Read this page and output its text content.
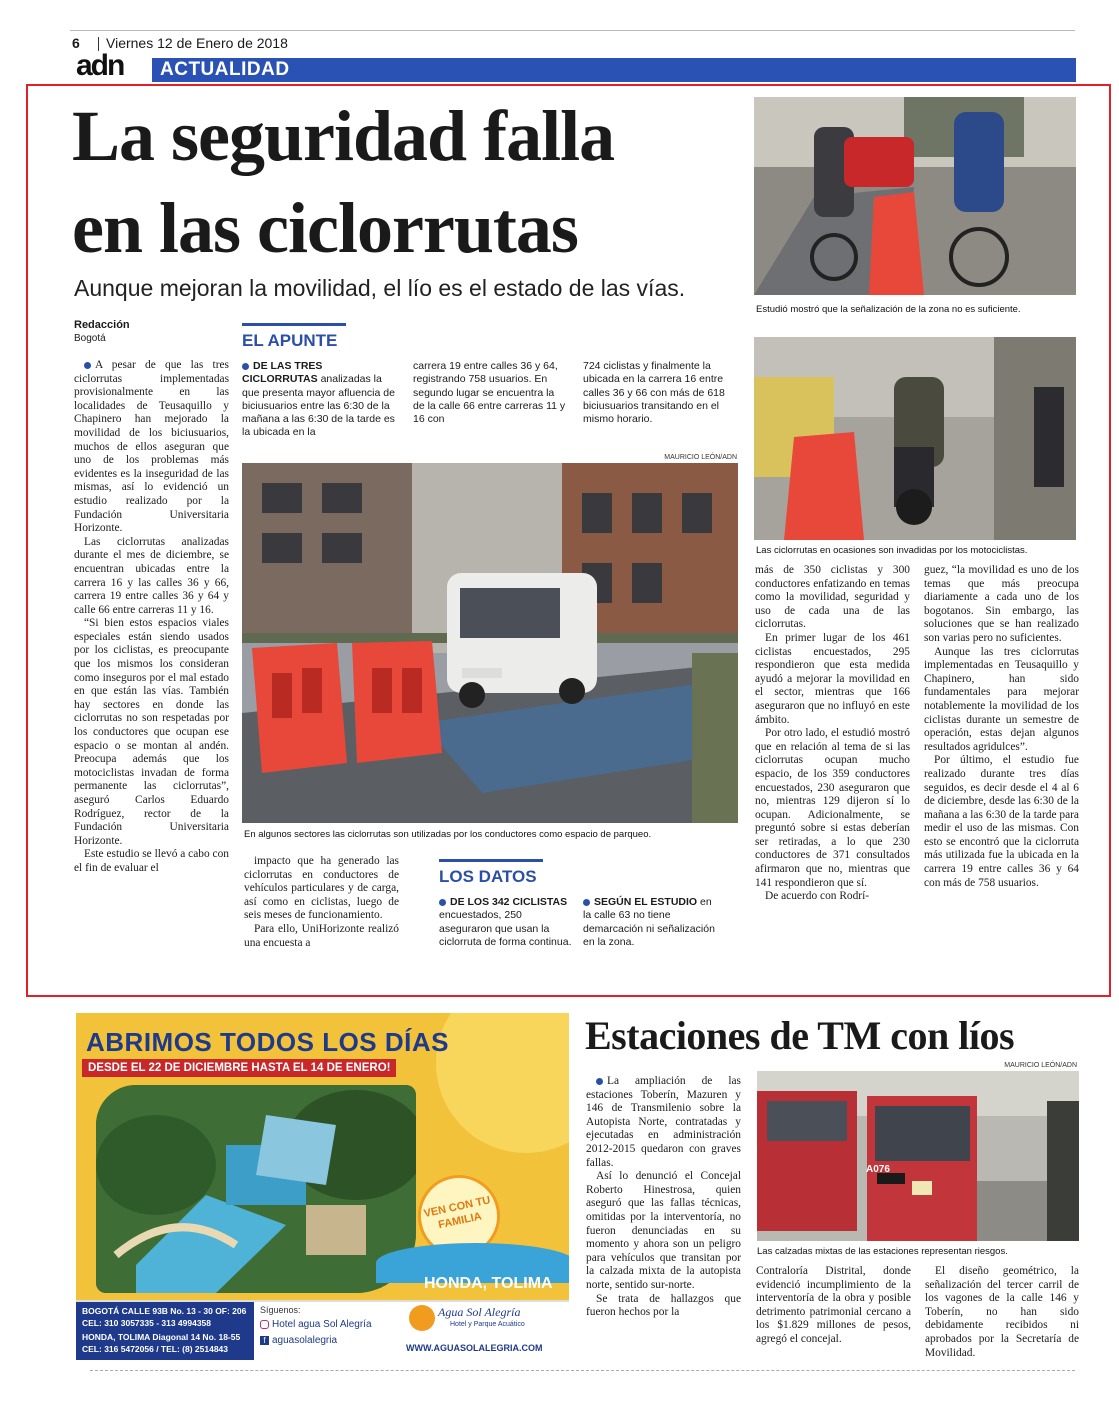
6 Viernes 12 de Enero de 2018
adn ACTUALIDAD
La seguridad falla
en las ciclorrutas
Aunque mejoran la movilidad, el lío es el estado de las vías.
Redacción
Bogotá

A pesar de que las tres ciclorrutas implementadas provisionalmente en las localidades de Teusaquillo y Chapinero han mejorado la movilidad de los biciusuarios, muchos de ellos aseguran que uno de los problemas más evidentes es la inseguridad de las mismas, así lo evidenció un estudio realizado por la Fundación Universitaria Horizonte.

Las ciclorrutas analizadas durante el mes de diciembre, se encuentran ubicadas entre la carrera 16 y las calles 36 y 66, carrera 19 entre calles 36 y 64 y calle 66 entre carreras 11 y 16.

“Si bien estos espacios viales especiales están siendo usados por los ciclistas, es preocupante que los mismos los consideran como inseguros por el mal estado en que están las vías. También hay sectores en donde las ciclorrutas no son respetadas por los conductores que ocupan ese espacio o se montan al andén. Preocupa además que los motociclistas invadan de forma permanente las ciclorrutas”, aseguró Carlos Eduardo Rodríguez, rector de la Fundación Universitaria Horizonte.

Este estudio se llevó a cabo con el fin de evaluar el

EL APUNTE
DE LAS TRES CICLORRUTAS analizadas la que presenta mayor afluencia de biciusuarios entre las 6:30 de la mañana a las 6:30 de la tarde es la ubicada en la
carrera 19 entre calles 36 y 64, registrando 758 usuarios. En segundo lugar se encuentra la de la calle 66 entre carreras 11 y 16 con
724 ciclistas y finalmente la ubicada en la carrera 16 entre calles 36 y 66 con más de 618 biciusuarios transitando en el mismo horario.
MAURICIO LEÓN/ADN
En algunos sectores las ciclorrutas son utilizadas por los conductores como espacio de parqueo.

impacto que ha generado las ciclorrutas en conductores de vehículos particulares y de carga, así como en ciclistas, luego de seis meses de funcionamiento.

Para ello, UniHorizonte realizó una encuesta a

LOS DATOS
DE LOS 342 CICLISTAS encuestados, 250 aseguraron que usan la ciclorruta de forma continua.
SEGÚN EL ESTUDIO en la calle 63 no tiene demarcación ni señalización en la zona.
Estudió mostró que la señalización de la zona no es suficiente.
Las ciclorrutas en ocasiones son invadidas por los motociclistas.

más de 350 ciclistas y 300 conductores enfatizando en temas como la movilidad, seguridad y uso de cada una de las ciclorrutas.

En primer lugar de los 461 ciclistas encuestados, 295 respondieron que esta medida ayudó a mejorar la movilidad en el sector, mientras que 166 aseguraron que no influyó en este ámbito.

Por otro lado, el estudió mostró que en relación al tema de si las ciclorrutas ocupan mucho espacio, de los 359 conductores encuestados, 230 aseguraron que no, mientras 129 dijeron sí lo ocupan. Adicionalmente, se preguntó sobre si estas deberían ser retiradas, a lo que 230 conductores de 371 consultados afirmaron que no, mientras que 141 respondieron que sí.

De acuerdo con Rodrí-

guez, “la movilidad es uno de los temas que más preocupa diariamente a cada uno de los bogotanos. Sin embargo, las soluciones que se han realizado son varias pero no suficientes.

Aunque las tres ciclorrutas implementadas en Teusaquillo y Chapinero, han sido fundamentales para mejorar notablemente la movilidad de los ciclistas durante un semestre de operación, estas dejan algunos resultados agridulces”.

Por último, el estudio fue realizado durante tres días seguidos, es decir desde el 4 al 6 de diciembre, desde las 6:30 de la mañana a las 6:30 de la tarde para medir el uso de las mismas. Con esto se encontró que la ciclorruta más utilizada fue la ubicada en la carrera 19 entre calles 36 y 64 con más de 758 usuarios.

ABRIMOS TODOS LOS DÍAS
DESDE EL 22 DE DICIEMBRE HASTA EL 14 DE ENERO!
VEN CON TU FAMILIA
HONDA, TOLIMA
BOGOTÁ CALLE 93B No. 13 - 30 OF: 206
CEL: 310 3057335 - 313 4994358
HONDA, TOLIMA Diagonal 14 No. 18-55
CEL: 316 5472056 / TEL: (8) 2514843
Síguenos:
Hotel agua Sol Alegría
f aguasolalegria
Agua Sol Alegría
Hotel y Parque Acuático
WWW.AGUASOLALEGRIA.COM
Estaciones de TM con líos

La ampliación de las estaciones Toberín, Mazuren y 146 de Transmilenio sobre la Autopista Norte, contratadas y ejecutadas en administración 2012-2015 quedaron con graves fallas.

Así lo denunció el Concejal Roberto Hinestrosa, quien aseguró que las fallas técnicas, omitidas por la interventoría, no fueron denunciadas en su momento y ahora son un peligro para vehículos que transitan por la calzada mixta de la autopista norte, sentido sur-norte.

Se trata de hallazgos que fueron hechos por la

MAURICIO LEÓN/ADN
A076
Las calzadas mixtas de las estaciones representan riesgos.

Contraloría Distrital, donde evidenció incumplimiento de la interventoría de la obra y posible detrimento patrimonial cercano a los $1.829 millones de pesos, agregó el concejal.

El diseño geométrico, la señalización del tercer carril de los vagones de la calle 146 y Toberín, no han sido debidamente recibidos ni aprobados por la Secretaría de Movilidad.
